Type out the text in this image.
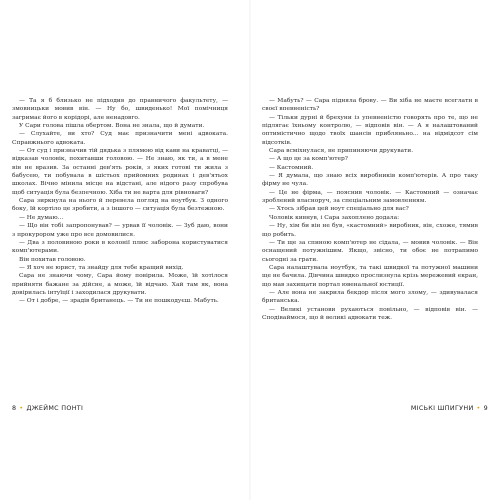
— Та я б близько не підходив до правничого факультету, — змовницьки мовив він. — Ну бо, швиденько! Мої помічниця загримає його в корідорі, але ненадовго.

У Сари голова пішла обертом. Вона не знала, що й думати.

— Слухайте, ви хто? Суд має призначити мені адвоката. Справжнього адвоката.

— От суд і призначив тій дядька з плямою від кави на краватці, — відказав чоловік, похитавши головою. — Не знаю, як ти, а в мене він не вразив. За останні дев'ять років, з яких готові ти жила з бабусею, ти побувала в шістьох прийомних родинах і дев'ятьох школах. Вічно мінила місце на відстані, але нідого разу спробува щоб ситуація була безпечною. Хіба ти не варта для рівноваги?

Сара зиркнула на нього й перевела погляд на ноутбук. З одного боку, їй кортіло це зробити, а з іншого — ситуація була безтежною.

— Не думаю...

— Що він тобі запропонував? — урвав її чоловік. — Зуб даю, вони з прокурором уже про все домовилися.

— Два з половиною роки в колонії плюс заборона користуватися комп'ютерами.

Він похитав головою.

— Я хоч не юрист, та знайду для тебе кращий вихід.

Сара не знаючи чому, Сара йому повірила. Може, їй хотілося прийняти бажане за дійсне, а може, їй відчаю. Хай там як, вона довірилась інтуїції і заходилася друкувати.

— От і добре, — зрадів британець. — Ти не пошкодуєш. Мабуть.

— Мабуть? — Сара підняла брову. — Ви хіба не маєте всеглатн в своєї впевненість?

— Тільки дурні й брехуни із упевненістю говорять про те, що не підлягає їхньому контролю, — відповів він. — А я налаштований оптимістично щодо твоїх шансів прибляньно... на відмідсот сім відсотків.

Сара всміхнулася, не припиняючи друкувати.

— А що це за комп'ютер?

— Кастомний.

— Я думала, що знаю всіх виробників комп'ютерів. А про таку фірму не чула.

— Це не фірма, — пояснив чоловік. — Кастомний — означає зроблений власноруч, за спеціальним замовленням.

— Хтось зібрав цей ноут спеціально для вас?

Чоловік кивнув, і Сара захоплено додала:

— Ну, хім би він не був, «кастомний» виробник, він, схоже, тямив що робить.

— Ти ще за спиною комп'ютер не сідала, — мовив чоловік. — Він оснащений потужнішим. Якщо, звісно, ти обоє не потрапимо сьогодні за грати.

Сара налаштувала ноутбук, та такі швидкої та потужної машини ще не бачила. Дівчина швидко прослизнула крізь мережевий екран, що мав захищати портал ювенальної юстиції.

— Але вона не закрила бекдор після мого злому, — здивувалася британська.

— Великі установи рухаються повільно, — відповів він. — Сподіваймося, що й великі адвокати теж.

8 • ДЖЕЙМС ПОНТІ	МІСЬКІ ШПИГУНИ • 9
